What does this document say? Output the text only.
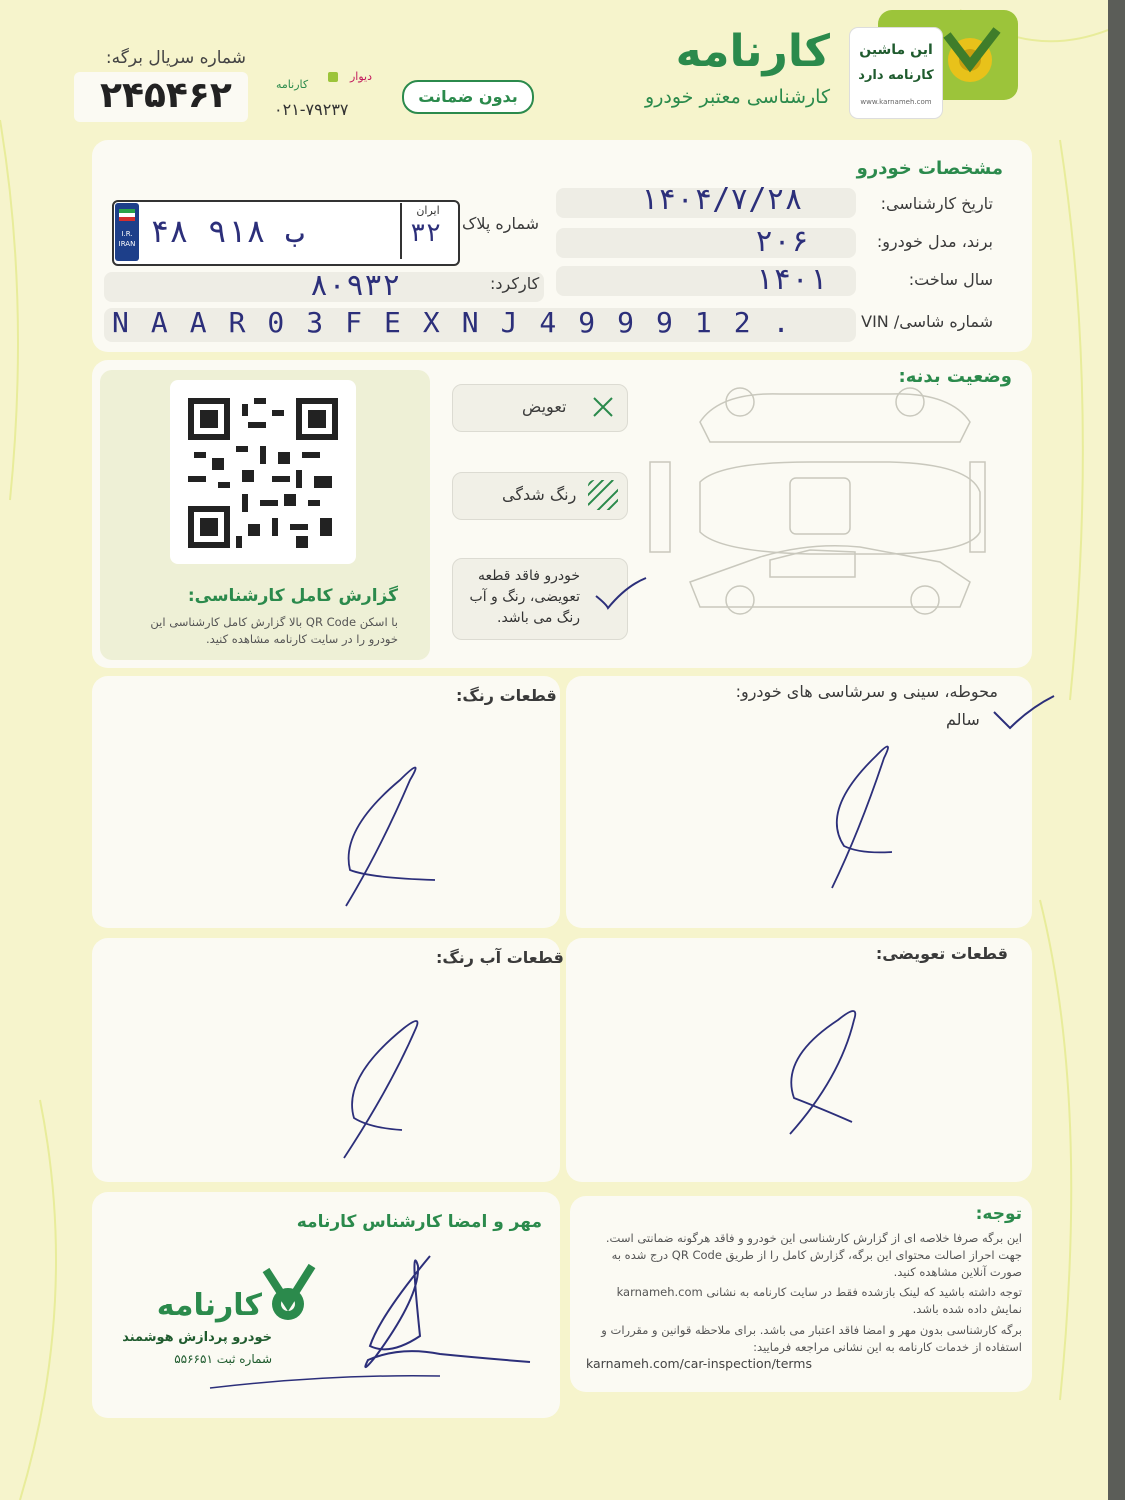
این ماشین
کارنامه دارد
www.karnameh.com
کارنامه
کارشناسی معتبر خودرو
بدون ضمانت
دیوار
کارنامه
۰۲۱-۷۹۲۳۷
شماره سریال برگه:
۲۴۵۴۶۲
مشخصات خودرو
تاریخ کارشناسی:
۱۴۰۴/۷/۲۸
برند، مدل خودرو:
۲۰۶
سال ساخت:
۱۴۰۱
شماره پلاک
I.R. IRAN ۴۸ ب ۹۱۸
ایران
۳۲
کارکرد:
۸۰۹۳۲
شماره شاسی/ VIN
NAAR03FEXNJ499912.
وضعیت بدنه:
گزارش کامل کارشناسی:
با اسکن QR Code بالا گزارش کامل کارشناسی این خودرو را در سایت کارنامه مشاهده کنید.
تعویض
رنگ شدگی
خودرو فاقد قطعه تعویضی، رنگ و آب رنگ می باشد.
قطعات رنگ:	محوطه، سینی و سرشاسی های خودرو:
سالم
قطعات آب رنگ:	قطعات تعویضی:
مهر و امضا کارشناس کارنامه
کارنامه
خودرو پردازش هوشمند
شماره ثبت ۵۵۶۶۵۱
توجه:
این برگه صرفا خلاصه ای از گزارش کارشناسی این خودرو و فاقد هرگونه ضمانتی است. جهت احراز اصالت محتوای این برگه، گزارش کامل را از طریق QR Code درج شده به صورت آنلاین مشاهده کنید.
توجه داشته باشید که لینک بازشده فقط در سایت کارنامه به نشانی karnameh.com نمایش داده شده باشد.
برگه کارشناسی بدون مهر و امضا فاقد اعتبار می باشد. برای ملاحظه قوانین و مقررات و استفاده از خدمات کارنامه به این نشانی مراجعه فرمایید:
karnameh.com/car-inspection/terms
